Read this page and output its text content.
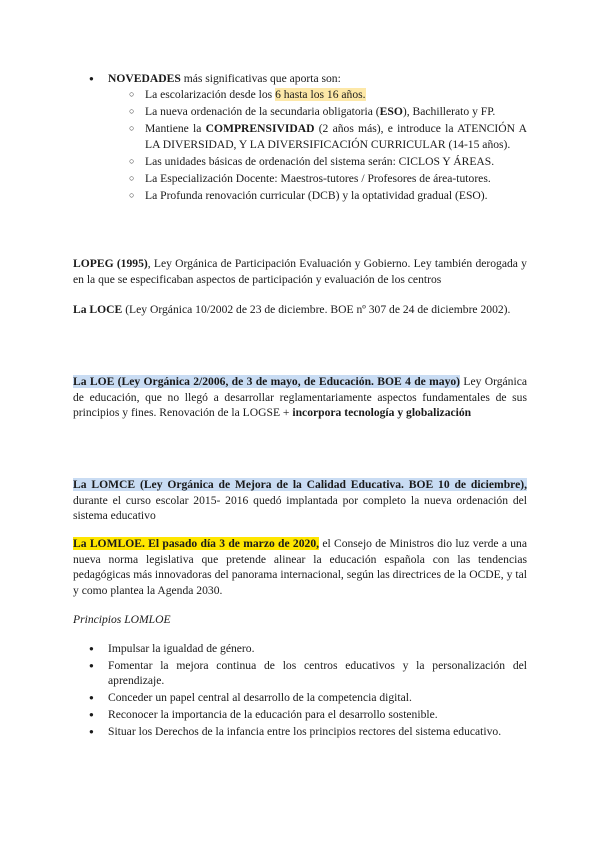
● NOVEDADES más significativas que aporta son:
○ La escolarización desde los 6 hasta los 16 años.
○ La nueva ordenación de la secundaria obligatoria (ESO), Bachillerato y FP.
○ Mantiene la COMPRENSIVIDAD (2 años más), e introduce la ATENCIÓN A LA DIVERSIDAD, Y LA DIVERSIFICACIÓN CURRICULAR (14-15 años).
○ Las unidades básicas de ordenación del sistema serán: CICLOS Y ÁREAS.
○ La Especialización Docente: Maestros-tutores / Profesores de área-tutores.
○ La Profunda renovación curricular (DCB) y la optatividad gradual (ESO).
LOPEG (1995), Ley Orgánica de Participación Evaluación y Gobierno. Ley también derogada y en la que se especificaban aspectos de participación y evaluación de los centros
La LOCE (Ley Orgánica 10/2002 de 23 de diciembre. BOE nº 307 de 24 de diciembre 2002).
La LOE (Ley Orgánica 2/2006, de 3 de mayo, de Educación. BOE 4 de mayo) Ley Orgánica de educación, que no llegó a desarrollar reglamentariamente aspectos fundamentales de sus principios y fines. Renovación de la LOGSE + incorpora tecnología y globalización
La LOMCE (Ley Orgánica de Mejora de la Calidad Educativa. BOE 10 de diciembre), durante el curso escolar 2015- 2016 quedó implantada por completo la nueva ordenación del sistema educativo
La LOMLOE. El pasado día 3 de marzo de 2020, el Consejo de Ministros dio luz verde a una nueva norma legislativa que pretende alinear la educación española con las tendencias pedagógicas más innovadoras del panorama internacional, según las directrices de la OCDE, y tal y como plantea la Agenda 2030.
Principios LOMLOE
● Impulsar la igualdad de género.
● Fomentar la mejora continua de los centros educativos y la personalización del aprendizaje.
● Conceder un papel central al desarrollo de la competencia digital.
● Reconocer la importancia de la educación para el desarrollo sostenible.
● Situar los Derechos de la infancia entre los principios rectores del sistema educativo.
